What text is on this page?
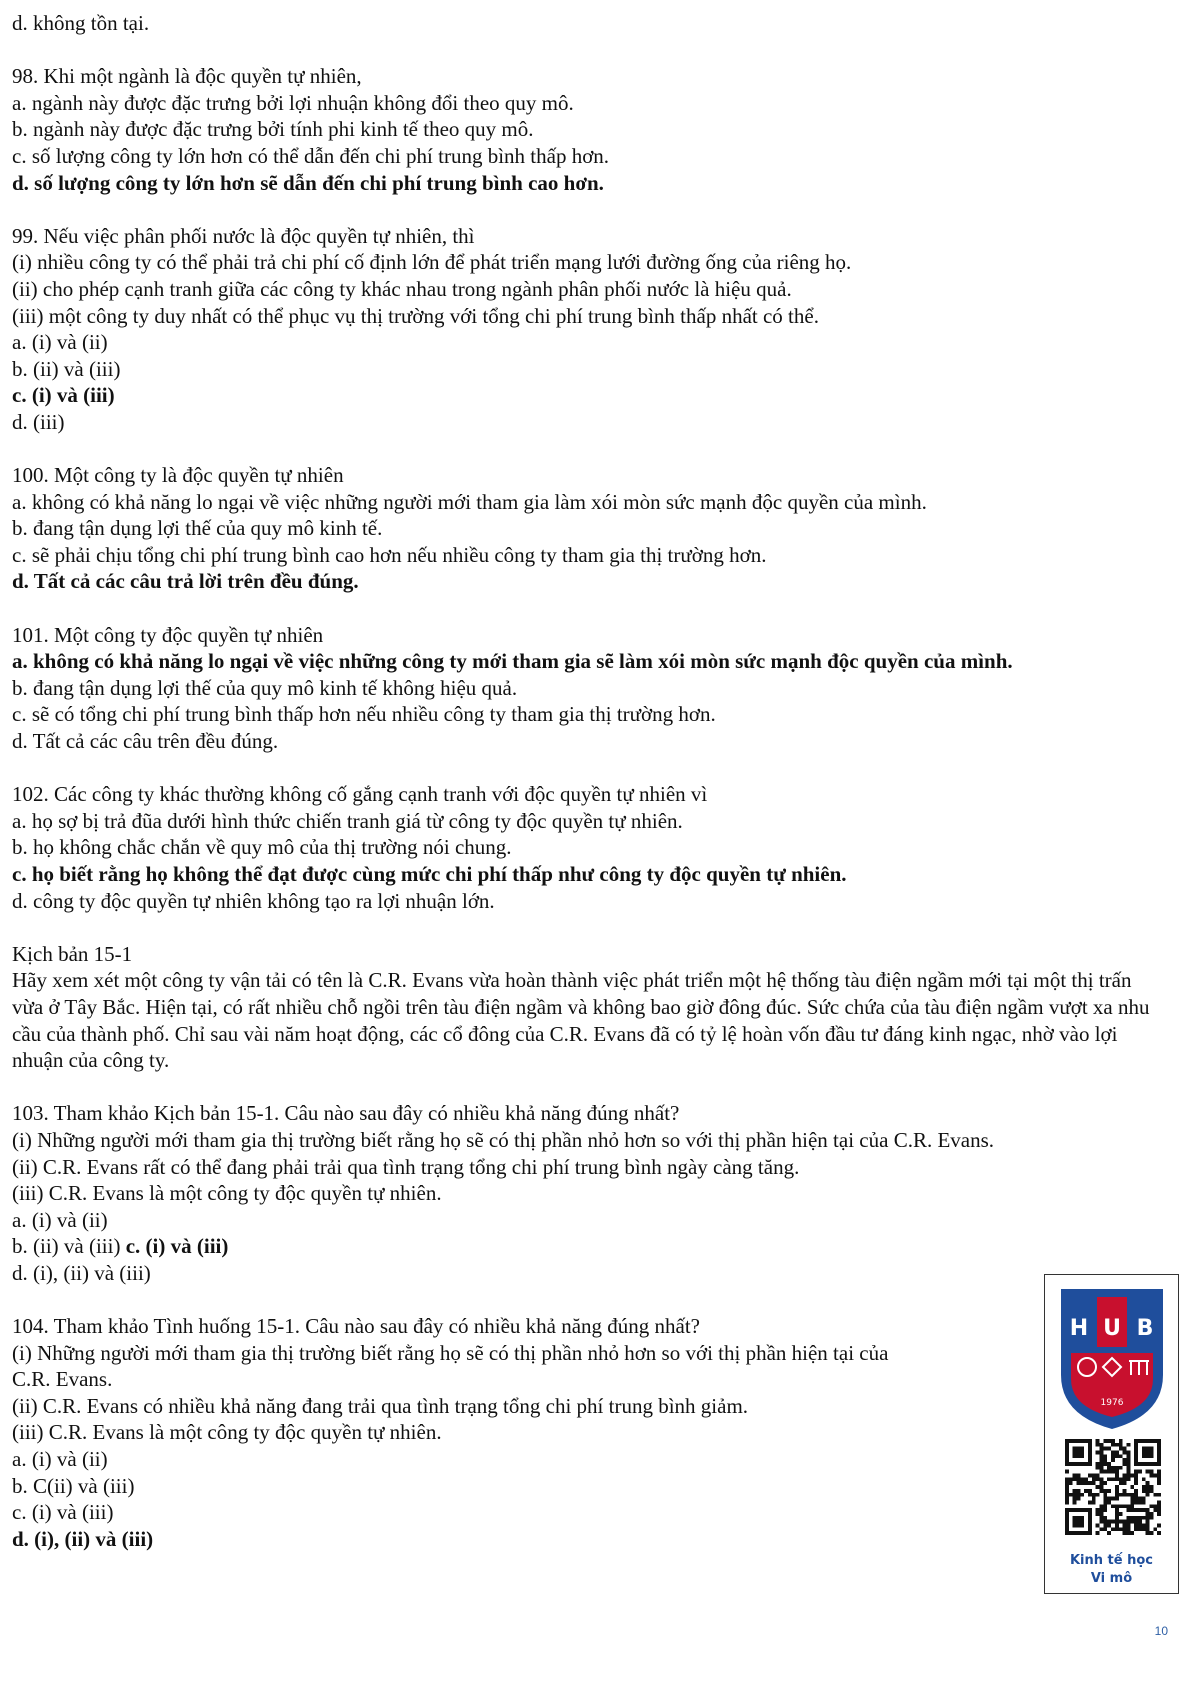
d. không tồn tại.
98. Khi một ngành là độc quyền tự nhiên,
a. ngành này được đặc trưng bởi lợi nhuận không đổi theo quy mô.
b. ngành này được đặc trưng bởi tính phi kinh tế theo quy mô.
c. số lượng công ty lớn hơn có thể dẫn đến chi phí trung bình thấp hơn.
d. số lượng công ty lớn hơn sẽ dẫn đến chi phí trung bình cao hơn.
99. Nếu việc phân phối nước là độc quyền tự nhiên, thì
(i) nhiều công ty có thể phải trả chi phí cố định lớn để phát triển mạng lưới đường ống của riêng họ.
(ii) cho phép cạnh tranh giữa các công ty khác nhau trong ngành phân phối nước là hiệu quả.
(iii) một công ty duy nhất có thể phục vụ thị trường với tổng chi phí trung bình thấp nhất có thể.
a. (i) và (ii)
b. (ii) và (iii)
c. (i) và (iii)
d. (iii)
100. Một công ty là độc quyền tự nhiên
a. không có khả năng lo ngại về việc những người mới tham gia làm xói mòn sức mạnh độc quyền của mình.
b. đang tận dụng lợi thế của quy mô kinh tế.
c. sẽ phải chịu tổng chi phí trung bình cao hơn nếu nhiều công ty tham gia thị trường hơn.
d. Tất cả các câu trả lời trên đều đúng.
101. Một công ty độc quyền tự nhiên
a. không có khả năng lo ngại về việc những công ty mới tham gia sẽ làm xói mòn sức mạnh độc quyền của mình.
b. đang tận dụng lợi thế của quy mô kinh tế không hiệu quả.
c. sẽ có tổng chi phí trung bình thấp hơn nếu nhiều công ty tham gia thị trường hơn.
d. Tất cả các câu trên đều đúng.
102. Các công ty khác thường không cố gắng cạnh tranh với độc quyền tự nhiên vì
a. họ sợ bị trả đũa dưới hình thức chiến tranh giá từ công ty độc quyền tự nhiên.
b. họ không chắc chắn về quy mô của thị trường nói chung.
c. họ biết rằng họ không thể đạt được cùng mức chi phí thấp như công ty độc quyền tự nhiên.
d. công ty độc quyền tự nhiên không tạo ra lợi nhuận lớn.
Kịch bản 15-1
Hãy xem xét một công ty vận tải có tên là C.R. Evans vừa hoàn thành việc phát triển một hệ thống tàu điện ngầm mới tại một thị trấn vừa ở Tây Bắc. Hiện tại, có rất nhiều chỗ ngồi trên tàu điện ngầm và không bao giờ đông đúc. Sức chứa của tàu điện ngầm vượt xa nhu cầu của thành phố. Chỉ sau vài năm hoạt động, các cổ đông của C.R. Evans đã có tỷ lệ hoàn vốn đầu tư đáng kinh ngạc, nhờ vào lợi nhuận của công ty.
103. Tham khảo Kịch bản 15-1. Câu nào sau đây có nhiều khả năng đúng nhất?
(i) Những người mới tham gia thị trường biết rằng họ sẽ có thị phần nhỏ hơn so với thị phần hiện tại của C.R. Evans.
(ii) C.R. Evans rất có thể đang phải trải qua tình trạng tổng chi phí trung bình ngày càng tăng.
(iii) C.R. Evans là một công ty độc quyền tự nhiên.
a. (i) và (ii)
b. (ii) và (iii) c. (i) và (iii)
d. (i), (ii) và (iii)
104. Tham khảo Tình huống 15-1. Câu nào sau đây có nhiều khả năng đúng nhất?
(i) Những người mới tham gia thị trường biết rằng họ sẽ có thị phần nhỏ hơn so với thị phần hiện tại của
C.R. Evans.
(ii) C.R. Evans có nhiều khả năng đang trải qua tình trạng tổng chi phí trung bình giảm.
(iii) C.R. Evans là một công ty độc quyền tự nhiên.
a. (i) và (ii)
b. C(ii) và (iii)
c. (i) và (iii)
d. (i), (ii) và (iii)
H U B
1976
Kinh tế học
Vi mô
10
